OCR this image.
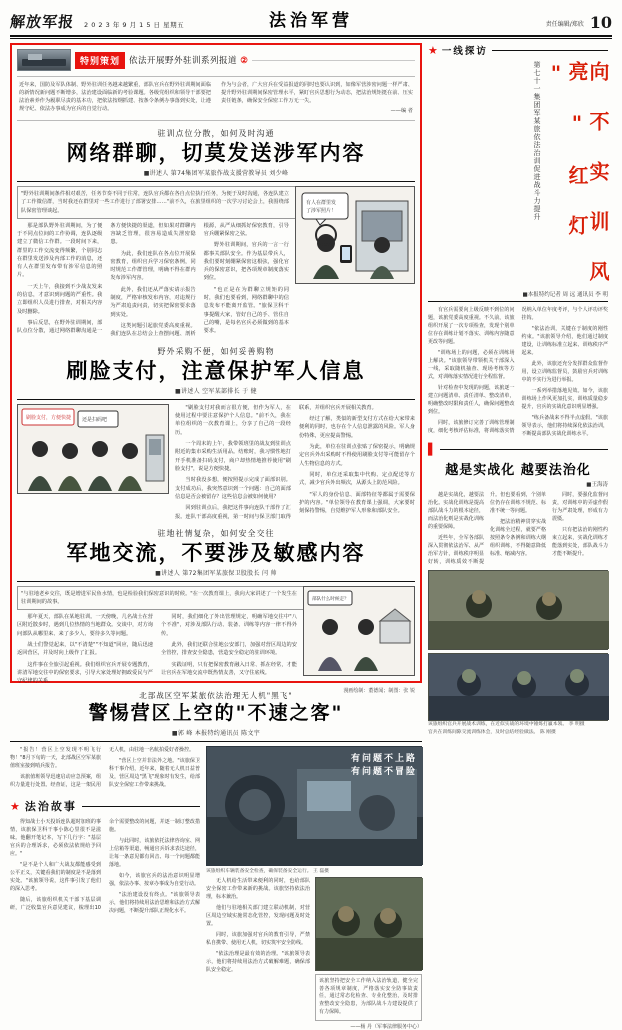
解放军报 2 0 2 3 年 9 月 1 5 日 星期五	法治军营	责任编辑/郑欣 10
特别策划	依法开展野外驻训系列报道 ②

近年来，国防及军队体制、野外驻训任务越来越繁重，部队官兵在野外驻训期间面临的新情况新问题不断增多，法治建设面临新的考验课题。各级党组织和领导干部要把法治素养作为履职尽责的基本功，把依法按纲抓建、按条令条例办事落到实处，让遵规守纪、依法办事成为官兵的自觉行动。

作为与会者，广大官兵在受益报道的同时也要认识到，如像军营涉密问题一样严肃、提升野外驻训期间保密管理水平，紧盯官兵思想行为动态，把法治规矩挺在前、压实责任链条，确保安全保密工作万无一失。
——编 者

驻训点位分散，如何及时沟通
网络群聊，切莫发送涉军内容
■讲述人 第74集团军某旅作战支援营教导员 刘少峰
有人在群里发
了涉军照片！
"野外驻训期间条件相对艰苦，任务节奏不同于往常，连队官兵都在各自点位执行任务，为便于及时沟通，各连队建立了工作微信群，当时我还在群里对一些工作进行了部署安排……"前不久，在旅里组织的一次学习讨论会上，我围绕部队保密管理谈起。

那是部队野外驻训期间，为了便于不同点位间的工作协调，连队逐级建立了微信工作群。一段时间下来，群里的工作交流变得频繁，个别同志在群里发送涉及内部工作的消息，还有人在群里发布带有涉军信息的照片。

一天上午，我接到不少战友发来的信息，才意识到问题的严重性。我立即组织人员进行排查，对相关内容及时删除。

事后反思，在野外驻训期间，部队点位分散，通过网络群聊沟通是一条方便快捷的渠道，但如果对群聊内容缺乏管理，很容易造成失泄密隐患。

为此，我们连队在各点位开展保密教育，组织官兵学习保密条例，同时规范工作群管理，明确不得在群内发布涉军内容。

此外，我们还从严落实请示报告制度，严格审核发布内容，对违规行为严肃追责问责，切实把保密要求落到实处。

这类问题引起旅党委高度重视。我们连队在总结会上查摆问题、剖析根源，从严从细抓好保密教育，引导官兵绷紧保密之弦。

野外驻训期间，官兵的一言一行都事关部队安全。作为基层带兵人，我们要时刻绷紧保密这根弦，强化官兵的保密意识，把各项规章制度落实到位。

"也正是在为群聊立规矩的同时，我们也要看到，网络群聊中的信息发布不能离开监管。"旅保卫科干事提醒大家，管好自己的手、管住自己的嘴，是每名官兵必须做到的基本要求。

野外采购不便，如何妥善购物
刷脸支付，注意保护军人信息
■讲述人 空军某部排长 于 健
刷脸支付，方便快捷 还是扫码吧

"刷脸支付对我而言很方便，但作为军人，在使用过程中要注意保护个人信息。"前不久，我在单位组织的一次教育课上，分享了自己的一段经历。

一个周末的上午，我带领班里的战友到驻训点附近的集市采购生活用品。结账时，我习惯性地打开手机准备扫码支付，商户却热情地推荐使用"刷脸支付"，说是方便快捷。

当时我没多想，便按照提示完成了面部识别。支付成功后，我突然意识到一个问题：自己的面部信息是否会被留存？这些信息会被如何使用？

回到驻训点后，我把这件事向连队干部作了汇报。连队干部高度重视，第一时间与保卫部门取得联系，并组织官兵开展相关教育。

经过了解，类似的新型支付方式在给大家带来便利的同时，也存在个人信息泄露的风险。军人身份特殊，更应提高警惕。

为此，单位在驻训点张贴了保密提示，明确规定官兵外出采购时不得使用刷脸支付等可能留存个人生物信息的方式。

同时，单位还采取集中代购、定点配送等方式，减少官兵外出频次，从源头上防范风险。

"军人的身份信息、面部特征等都属于需要保护的内容。"单位领导在教育课上强调，大家要时刻保持警惕，自觉维护军人形象和部队安全。

驻地社情复杂，如何安全交往
军地交流，不要涉及敏感内容
■讲述人 第72集团军某旅保卫股股长 闫 帅
部队什么时候走？
"与驻地老乡交往，既是增进军民鱼水情，也是检验我们保密意识的时候。"在一次教育课上，我向大家讲述了一个发生在驻训期间的故事。

那年夏天，部队在某地驻训。一天傍晚，几名战士在营区附近散步时，遇到几位热情的当地群众。交谈中，对方询问部队从哪里来、来了多少人、要待多久等问题。

战士们警觉起来，以"不清楚""不知道"回应，随后迅速返回营区，并及时向上级作了汇报。

这件事在全旅引起重视。我们组织官兵开展专题教育，讲清军地交往中的保密要求，引导大家处理好拥政爱民与严守纪律的关系。

同时，我们细化了外出管理规定，明确军地交往中"八个不准"，对涉及部队行动、装备、训练等内容一律不得外传。

此外，我们还联合驻地公安部门，加强对营区周边的安全管控，排查安全隐患，营造安全稳定的驻训环境。

实践证明，只有把保密教育融入日常、抓在经常，才能让官兵在军地交流中既热情友善，又守住底线。

漫画绘制：董德闻；制图：张 锐
北部战区空军某旅依法治理无人机"黑飞"
警惕营区上空的"不速之客"
■郭 峰 本报特约通讯员 陈文宇

"报告！营区上空发现不明飞行物！"8月下旬的一天，北部战区空军某旅值班室接到哨兵报告。

该旅值班领导迅速启动应急预案，组织力量进行处置。经查证，这是一架民用无人机，由驻地一名航拍爱好者操控。

"营区上空并非法外之地。"该旅保卫科干事介绍，近年来，随着无人机日益普及，营区周边"黑飞"现象时有发生，给部队安全保密工作带来挑战。

★ 法治故事

得知战士小天投诉连队超时加班的事情，该旅保卫科干事小陈心里很不是滋味。他翻开笔记本，写下几行字："基层官兵的合理诉求，必须依法依规给予回应。"

"是不是个人和广大战友都能感受到公平正义，关键看我们的制度是不是落到实处。"该旅领导说，这件事引发了他们的深入思考。

随后，该旅组织机关干部下基层调研，广泛收集官兵意见建议，梳理出10余个需要整改的问题，并逐一制订整改措施。

与此同时，该旅依托法律咨询室、网上信箱等渠道，畅通官兵诉求表达途径，让每一条意见都有回音、每一个问题都能落地。

如今，该旅官兵的法治意识明显增强，依法办事、按章办事成为自觉行动。

"法治建设没有终点。"该旅领导表示，他们将持续用法治思维和法治方式解决问题，不断提升部队正规化水平。

有问题不上路
有问题不冒险
该旅组织车辆装备安全检查，确保装备安全运行。 王 磊摄

无人机给生活带来便利的同时，也给部队安全保密工作带来新的挑战。该旅坚持依法治理，标本兼治。

他们与驻地相关部门建立联动机制，对营区周边空域实施常态化管控，发现问题及时处置。

同时，该旅加强对官兵的教育引导，严禁私自携带、使用无人机，切实筑牢安全防线。

"依法治理是最有效的治理。"该旅领导表示，他们将持续用法治方式破解难题，确保部队安全稳定。

该旅坚持把安全工作纳入法治轨道，健全完善各项规章制度，严格落实安全防事故责任，通过常态化检查、专业化整治，及时排查整改安全隐患，为部队战斗力建设提供了有力保障。
——杨 丹（军事法律服务中心）
★ 一线探访
第七十一集团军某旅依法治训促进战斗力提升	向 不 实 训 风 亮 " 红 灯 "
■本报特约记者 周 远 通讯员 李 明

有官兵需要向上级反映不到位的问题，该旅党委高度重视。不久前，该旅组织开展了一次专项检查，发现个别单位存在训练计划不落实、训练内容随意更改等问题。

"训练场上的问题，必须在训练场上解决。"该旅领导带领机关干部深入一线，采取随机抽查、现场考核等方式，对训练落实情况进行全程监督。

针对检查中发现的问题，该旅逐一建立问题清单、责任清单、整改清单，明确整改时限和责任人，确保问题整改到位。

同时，该旅修订完善了训练管理制度，细化考核评估标准，将训练落实情况纳入单位年度考评，与个人评功评奖挂钩。

"依法治训，关键在于制度的刚性约束。"该旅领导介绍，他们通过制度建设，让训练标准立起来、训练秩序严起来。

此外，该旅还充分发挥群众监督作用，设立训练监督员，鼓励官兵对训练中的不实行为进行举报。

一系列举措落地见效。如今，该旅训练场上作风更加扎实，训练质量稳步提升，官兵的实战化意识明显增强。

"练兵备战来不得半点虚假。"该旅领导表示，他们将持续深化依法治训，不断提高部队实战化训练水平。

▌
越是实战化 越要法治化
■王海涛

越是实战化，越要法治化。实战化训练是提高部队战斗力的根本途径，而法治化则是实战化训练的重要保障。

近些年，全军各部队深入贯彻依法治军、从严治军方针，训练秩序明显好转，训练质效不断提升。但也要看到，个别单位仍存在训练不规范、标准不统一等问题。

把法治精神贯穿实战化训练全过程，就要严格按照条令条例和训练大纲组织训练，不得随意降低标准、缩减内容。

同时，要强化监督问责，对训练中的弄虚作假行为严肃处理，形成有力震慑。

只有把法治的刚性约束立起来，实战化训练才能落到实处，部队战斗力才能不断提升。

该旅组织官兵开展战术训练，在近似实战的环境中锤炼打赢本领。 李 明摄
官兵在训练间隙交流训练体会，及时总结经验做法。 陈 刚摄
